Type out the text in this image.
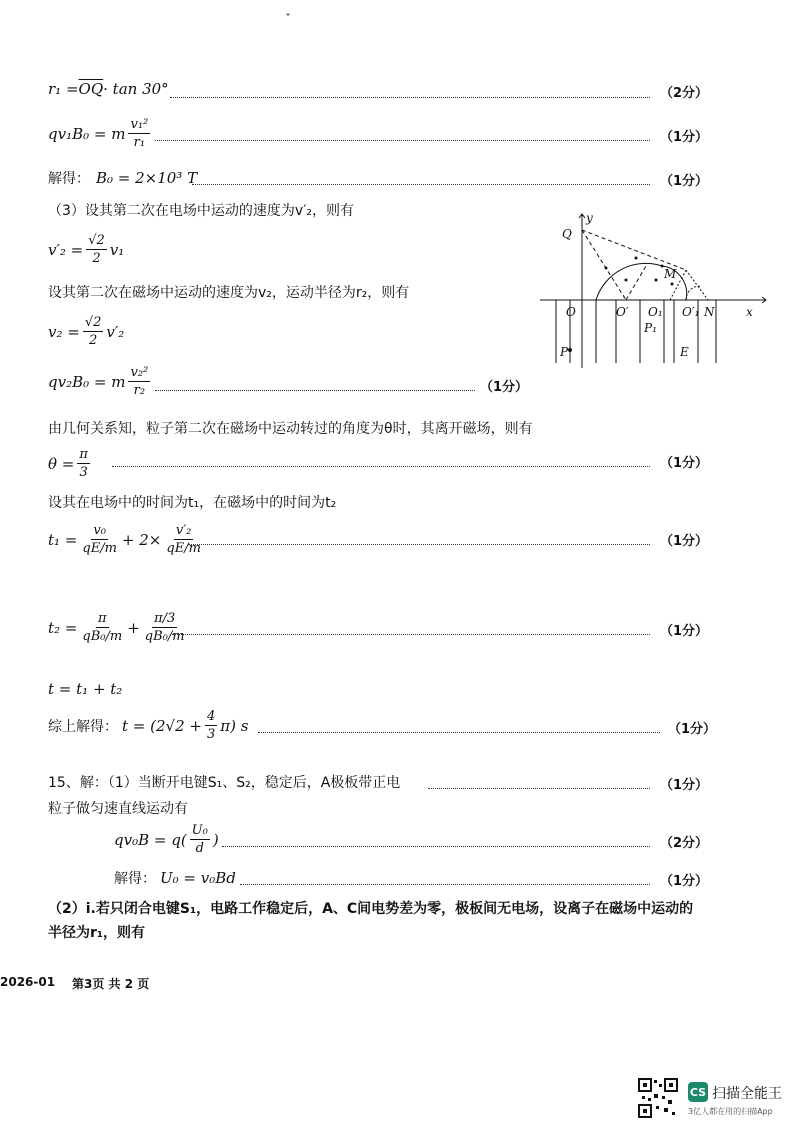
ˇ
$r_1 = \overline{OQ} \cdot \tan 30^\circ$	（2分）
qv₁B₀ = m $\frac{\text{v₁²}}{\text{r₁}}$	（1分）
解得： B₀ = 2×10³ T	（1分）
（3）设其第二次在电场中运动的速度为v′₂，则有
$v'_2 = \frac{√2}{2} v_1$
设其第二次在磁场中运动的速度为v₂，运动半径为r₂，则有
$v_2 = \frac{√2}{2} v'_2$
qv₂B₀ = m $\frac{\text{v₂²}}{\text{r₂}}$	（1分）
由几何关系知，粒子第二次在磁场中运动转过的角度为θ时，其离开磁场，则有
$\theta = \frac{\pi}{3}$	（1分）
设其在电场中的时间为t₁，在磁场中的时间为t₂
$t_1 = \frac{\text{v₀}}{qE/m} + 2\times \frac{\text{v′₂}}{qE/m}$	（1分）
$t_2 = \frac{\pi}{\text{qB₀/m}} + \frac{\pi/3}{\text{qB₀/m}}$	（1分）
t = t₁ + t₂
综上解得： $t = (2√2 + \frac{4}{3} \pi)$ s	（1分）
15、解：（1）当断开电键S₁、S₂，稳定后，A极板带正电	（1分）
粒子做匀速直线运动有
$qv_0B = q( \frac{\text{U₀}}{d}$ )	（2分）
解得： U₀ = v₀Bd	（1分）
（2）i.若只闭合电键S₁，电路工作稳定后，A、C间电势差为零，极板间无电场，设离子在磁场中运动的
半径为r₁，则有
2026-01 第3页 共 2 页
Q
y
M
O	O′ O₁ O′₁ N	x
P₁
P	E
CS 扫描全能王
3亿人都在用的扫描App
